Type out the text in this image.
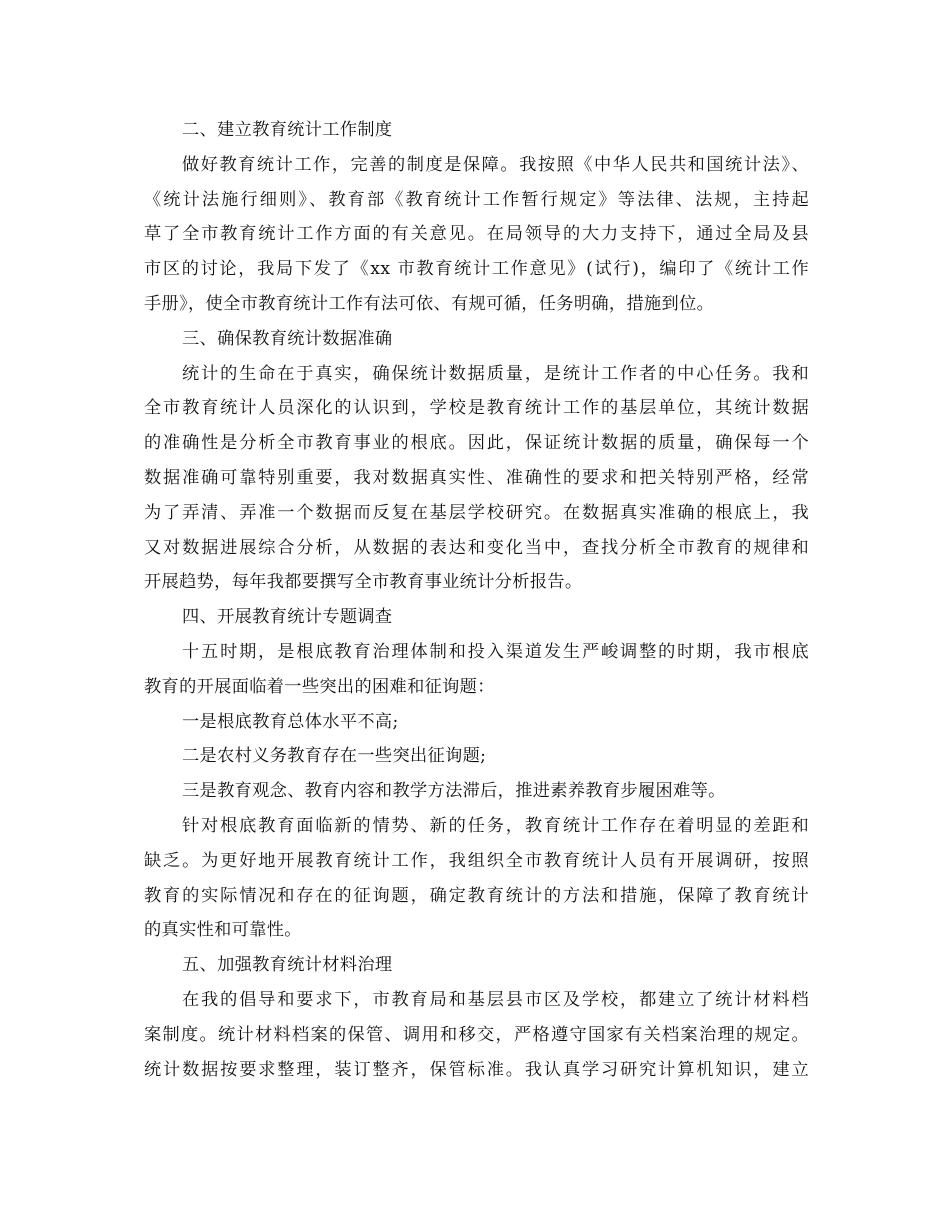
二、建立教育统计工作制度
做好教育统计工作，完善的制度是保障。我按照《中华人民共和国统计法》、
《统计法施行细则》、教育部《教育统计工作暂行规定》等法律、法规，主持起
草了全市教育统计工作方面的有关意见。在局领导的大力支持下，通过全局及县
市区的讨论，我局下发了《xx 市教育统计工作意见》(试行)，编印了《统计工作
手册》，使全市教育统计工作有法可依、有规可循，任务明确，措施到位。
三、确保教育统计数据准确
统计的生命在于真实，确保统计数据质量，是统计工作者的中心任务。我和
全市教育统计人员深化的认识到，学校是教育统计工作的基层单位，其统计数据
的准确性是分析全市教育事业的根底。因此，保证统计数据的质量，确保每一个
数据准确可靠特别重要，我对数据真实性、准确性的要求和把关特别严格，经常
为了弄清、弄准一个数据而反复在基层学校研究。在数据真实准确的根底上，我
又对数据进展综合分析，从数据的表达和变化当中，查找分析全市教育的规律和
开展趋势，每年我都要撰写全市教育事业统计分析报告。
四、开展教育统计专题调查
十五时期，是根底教育治理体制和投入渠道发生严峻调整的时期，我市根底
教育的开展面临着一些突出的困难和征询题：
一是根底教育总体水平不高;
二是农村义务教育存在一些突出征询题;
三是教育观念、教育内容和教学方法滞后，推进素养教育步履困难等。
针对根底教育面临新的情势、新的任务，教育统计工作存在着明显的差距和
缺乏。为更好地开展教育统计工作，我组织全市教育统计人员有开展调研，按照
教育的实际情况和存在的征询题，确定教育统计的方法和措施，保障了教育统计
的真实性和可靠性。
五、加强教育统计材料治理
在我的倡导和要求下，市教育局和基层县市区及学校，都建立了统计材料档
案制度。统计材料档案的保管、调用和移交，严格遵守国家有关档案治理的规定。
统计数据按要求整理，装订整齐，保管标准。我认真学习研究计算机知识，建立
